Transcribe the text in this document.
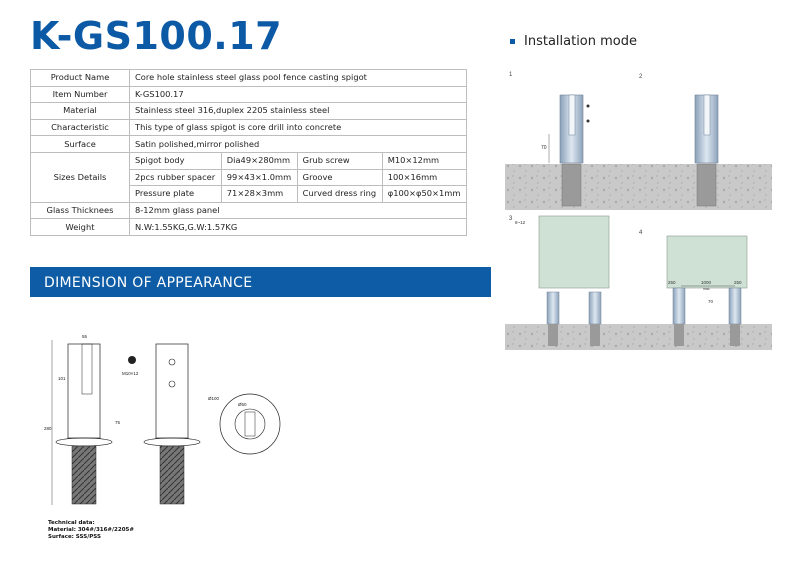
K-GS100.17
Product Name	Core hole stainless steel glass pool fence casting spigot			
Item Number	K-GS100.17			
Material	Stainless steel 316,duplex 2205 stainless steel			
Characteristic	This type of glass spigot is core drill into concrete			
Surface	Satin polished,mirror polished			
Sizes Details	Spigot body	Dia49×280mm	Grub screw	M10×12mm
	2pcs rubber spacer	99×43×1.0mm	Groove	100×16mm
	Pressure plate	71×28×3mm	Curved dress ring	φ100×φ50×1mm
Glass Thicknees	8-12mm glass panel			
Weight	N.W:1.55KG,G.W:1.57KG			
DIMENSION OF APPEARANCE
Installation mode
1	2
70
3
4
8~12
250	1000
max
250
70
280
101
55
75
M10×12
Ø100
Ø50
Technical data:
Material: 304#/316#/2205#
Surface: SSS/PSS
